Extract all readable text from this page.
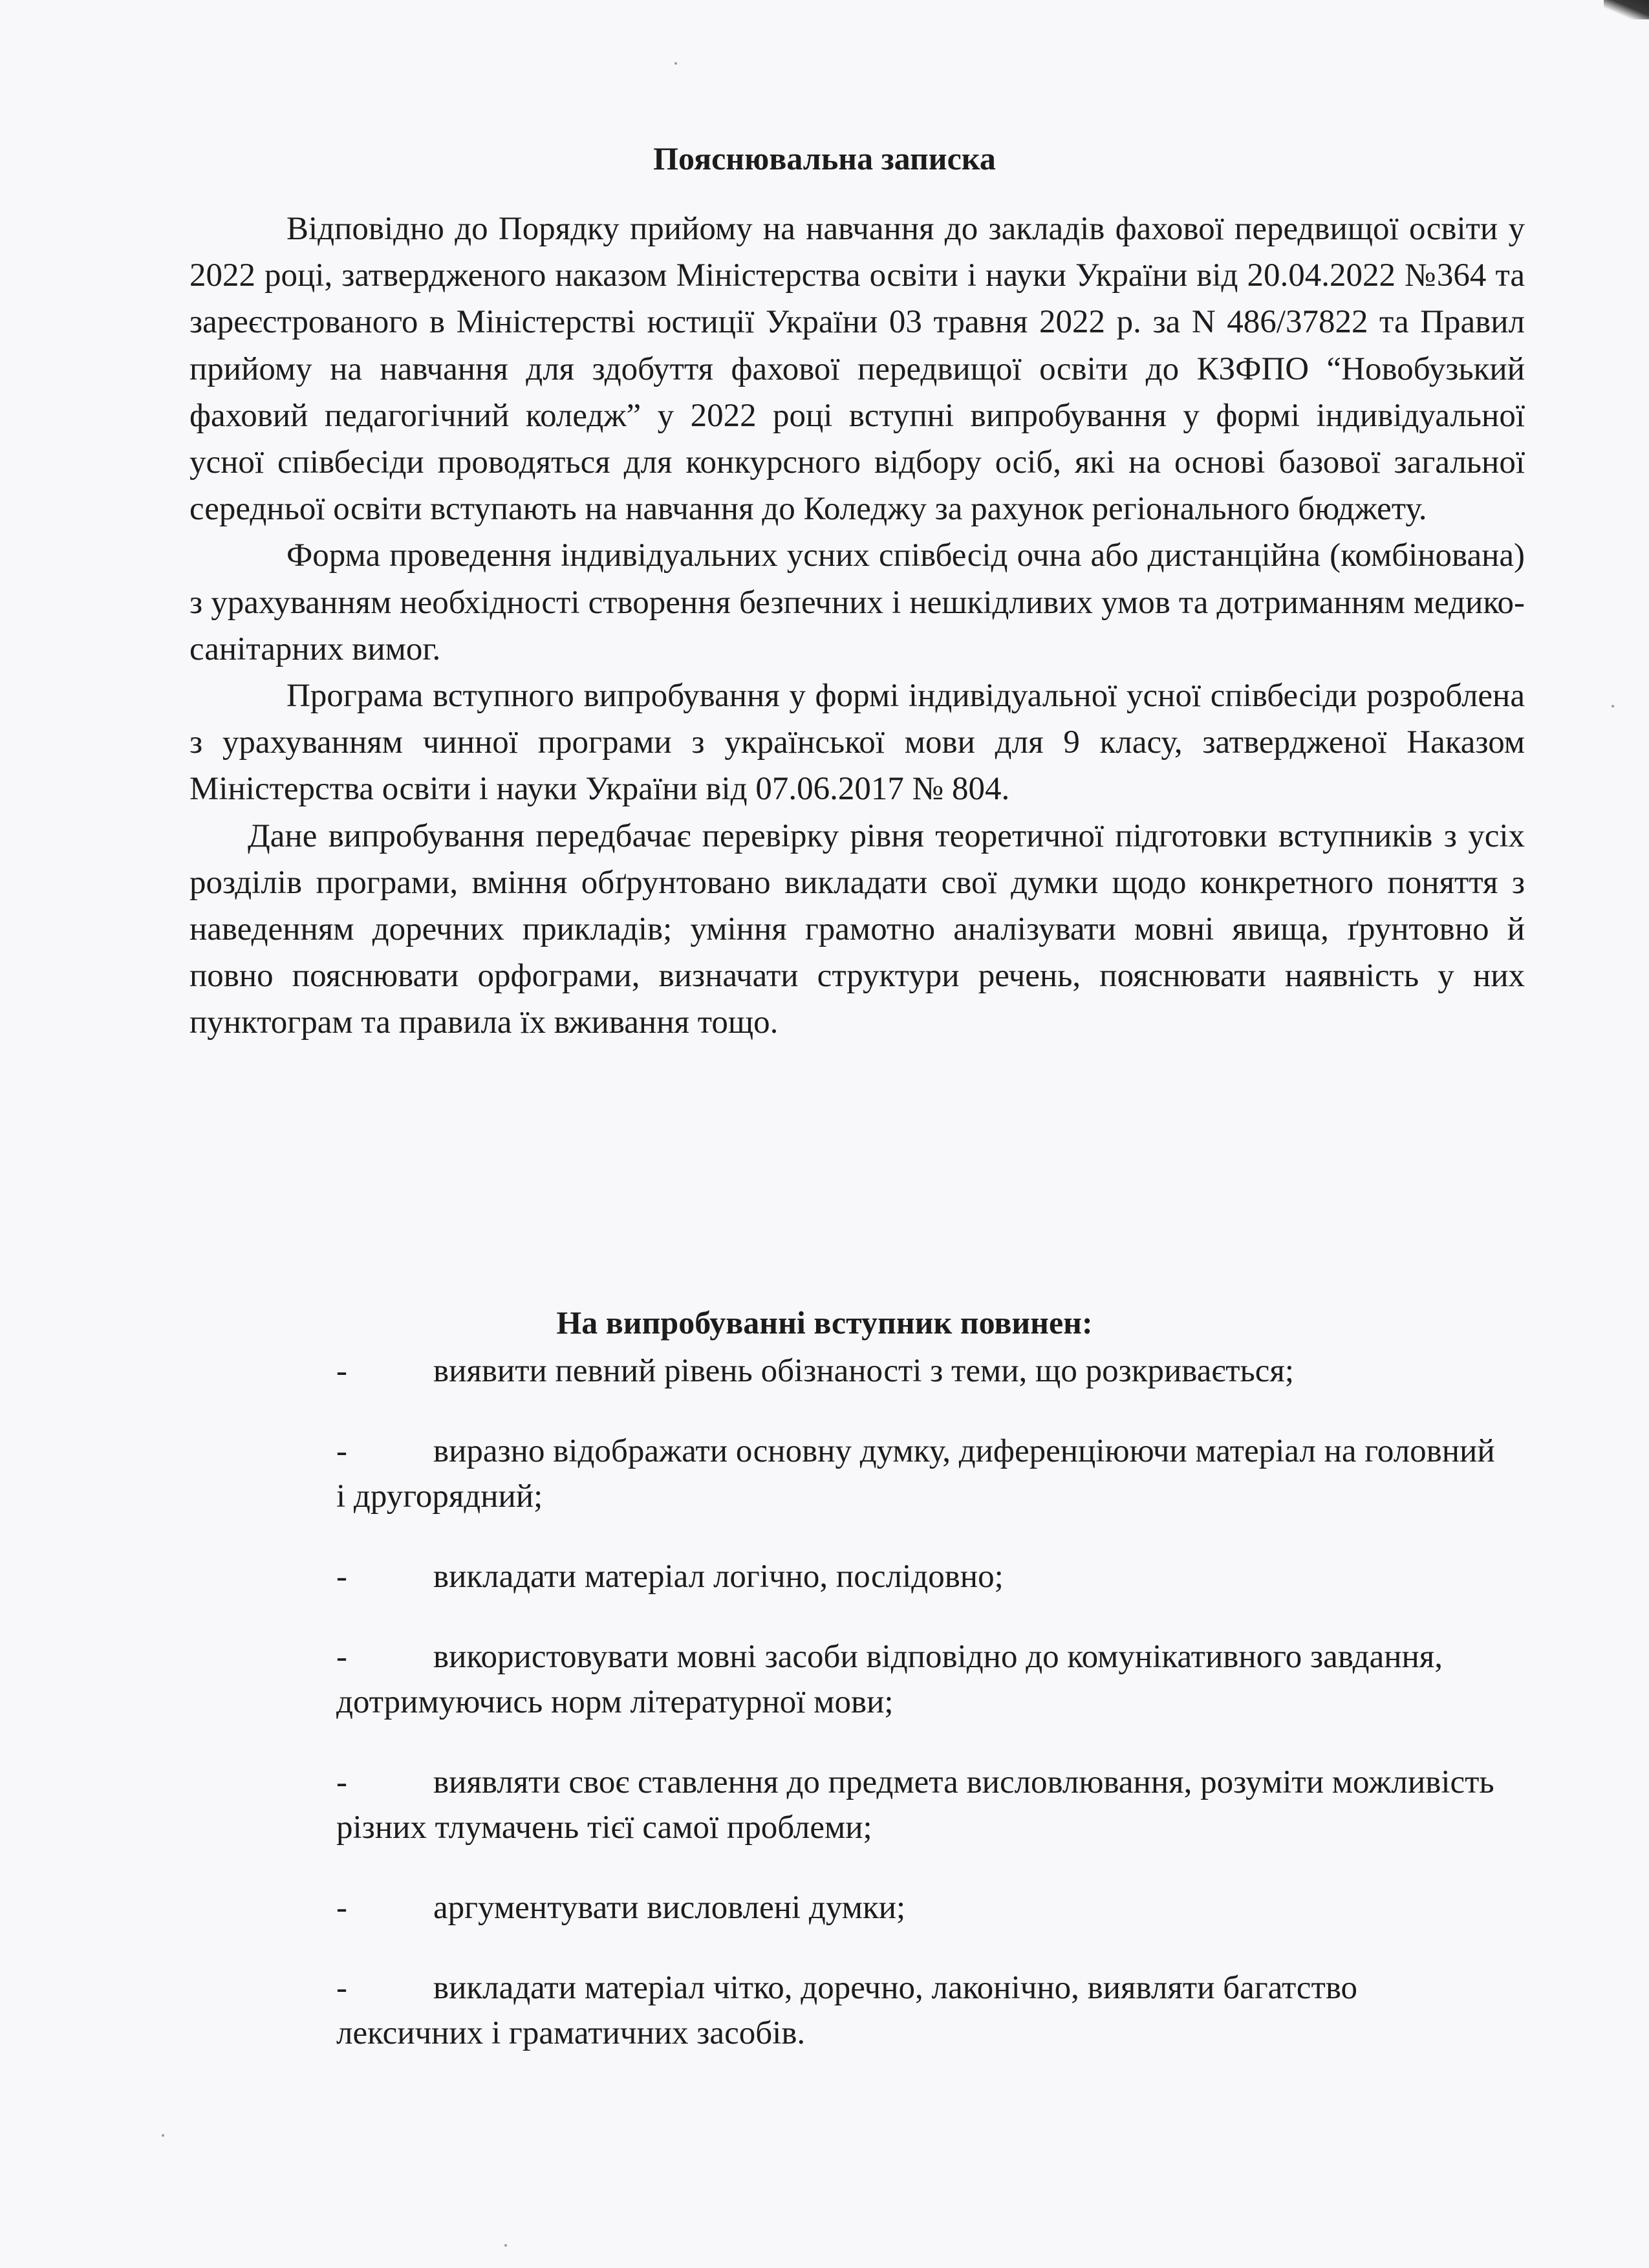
Пояснювальна записка

Відповідно до Порядку прийому на навчання до закладів фахової передвищої освіти у 2022 році, затвердженого наказом Міністерства освіти і науки України від 20.04.2022 №364 та зареєстрованого в Міністерстві юстиції України 03 травня 2022 р. за N 486/37822 та Правил прийому на навчання для здобуття фахової передвищої освіти до КЗФПО “Новобузький фаховий педагогічний коледж” у 2022 році вступні випробування у формі індивідуальної усної співбесіди проводяться для конкурсного відбору осіб, які на основі базової загальної середньої освіти вступають на навчання до Коледжу за рахунок регіонального бюджету.

Форма проведення індивідуальних усних співбесід очна або дистанційна (комбінована) з урахуванням необхідності створення безпечних і нешкідливих умов та дотриманням медико-санітарних вимог.

Програма вступного випробування у формі індивідуальної усної співбесіди розроблена з урахуванням чинної програми з української мови для 9 класу, затвердженої Наказом Міністерства освіти і науки України від 07.06.2017 № 804.

Дане випробування передбачає перевірку рівня теоретичної підготовки вступників з усіх розділів програми, вміння обґрунтовано викладати свої думки щодо конкретного поняття з наведенням доречних прикладів; уміння грамотно аналізувати мовні явища, ґрунтовно й повно пояснювати орфограми, визначати структури речень, пояснювати наявність у них пунктограм та правила їх вживання тощо.

На випробуванні вступник повинен:
-	виявити певний рівень обізнаності з теми, що розкривається;
-	виразно відображати основну думку, диференціюючи матеріал на головний і другорядний;
-	викладати матеріал логічно, послідовно;
-	використовувати мовні засоби відповідно до комунікативного завдання, дотримуючись норм літературної мови;
-	виявляти своє ставлення до предмета висловлювання, розуміти можливість різних тлумачень тієї самої проблеми;
-	аргументувати висловлені думки;
-	викладати матеріал чітко, доречно, лаконічно, виявляти багатство лексичних і граматичних засобів.
